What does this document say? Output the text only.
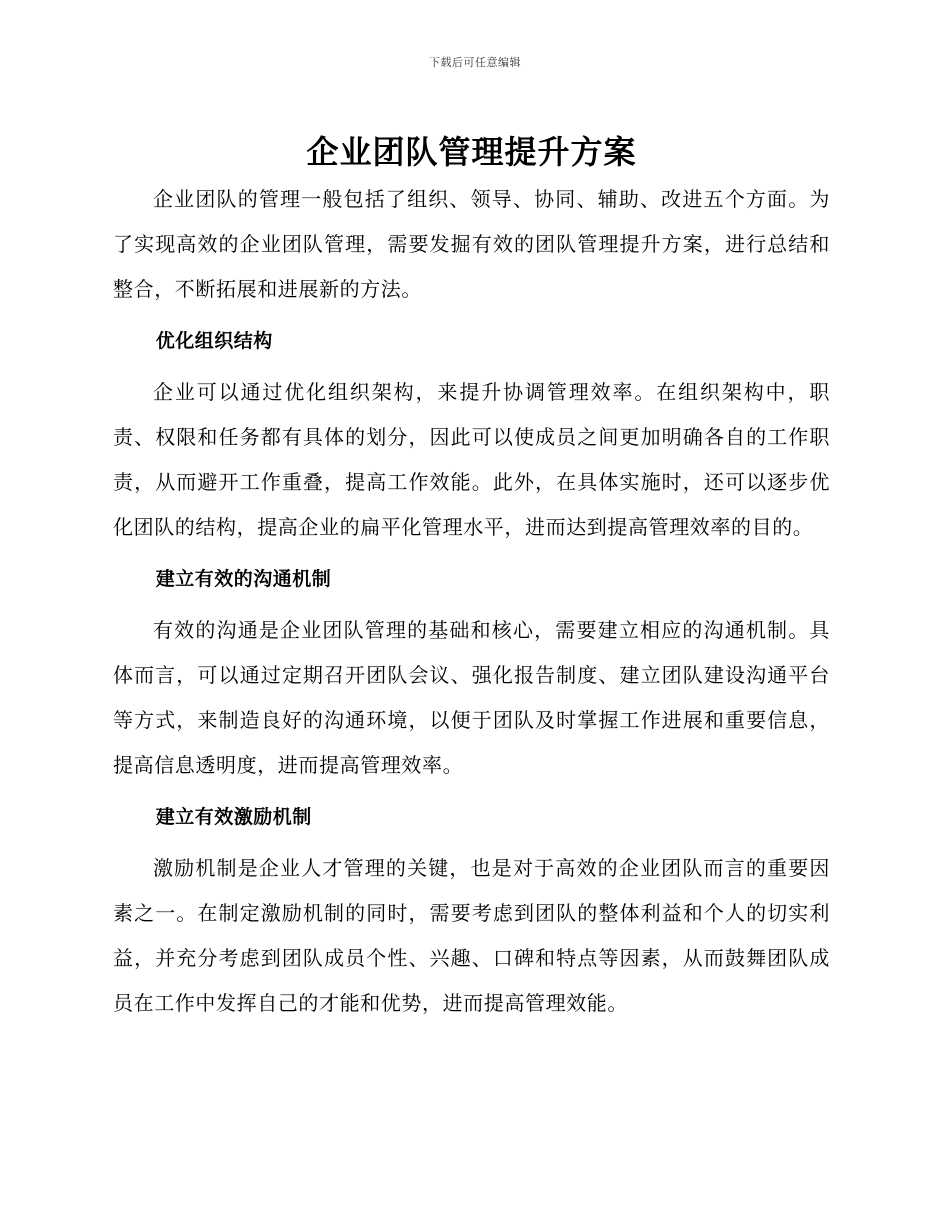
下载后可任意编辑
企业团队管理提升方案

企业团队的管理一般包括了组织、领导、协同、辅助、改进五个方面。为了实现高效的企业团队管理，需要发掘有效的团队管理提升方案，进行总结和整合，不断拓展和进展新的方法。

优化组织结构

企业可以通过优化组织架构，来提升协调管理效率。在组织架构中，职责、权限和任务都有具体的划分，因此可以使成员之间更加明确各自的工作职责，从而避开工作重叠，提高工作效能。此外，在具体实施时，还可以逐步优化团队的结构，提高企业的扁平化管理水平，进而达到提高管理效率的目的。

建立有效的沟通机制

有效的沟通是企业团队管理的基础和核心，需要建立相应的沟通机制。具体而言，可以通过定期召开团队会议、强化报告制度、建立团队建设沟通平台等方式，来制造良好的沟通环境，以便于团队及时掌握工作进展和重要信息，提高信息透明度，进而提高管理效率。

建立有效激励机制

激励机制是企业人才管理的关键，也是对于高效的企业团队而言的重要因素之一。在制定激励机制的同时，需要考虑到团队的整体利益和个人的切实利益，并充分考虑到团队成员个性、兴趣、口碑和特点等因素，从而鼓舞团队成员在工作中发挥自己的才能和优势，进而提高管理效能。
